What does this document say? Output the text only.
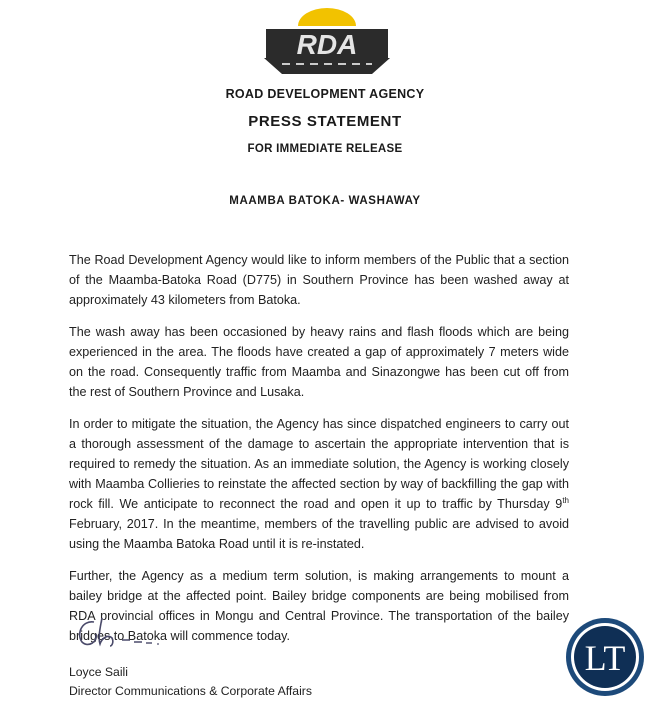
RDA
ROAD DEVELOPMENT AGENCY
PRESS STATEMENT
FOR IMMEDIATE RELEASE
MAAMBA BATOKA- WASHAWAY

The Road Development Agency would like to inform members of the Public that a section of the Maamba-Batoka Road (D775) in Southern Province has been washed away at approximately 43 kilometers from Batoka.

The wash away has been occasioned by heavy rains and flash floods which are being experienced in the area. The floods have created a gap of approximately 7 meters wide on the road. Consequently traffic from Maamba and Sinazongwe has been cut off from the rest of Southern Province and Lusaka.

In order to mitigate the situation, the Agency has since dispatched engineers to carry out a thorough assessment of the damage to ascertain the appropriate intervention that is required to remedy the situation. As an immediate solution, the Agency is working closely with Maamba Collieries to reinstate the affected section by way of backfilling the gap with rock fill. We anticipate to reconnect the road and open it up to traffic by Thursday 9th February, 2017. In the meantime, members of the travelling public are advised to avoid using the Maamba Batoka Road until it is re-instated.

Further, the Agency as a medium term solution, is making arrangements to mount a bailey bridge at the affected point. Bailey bridge components are being mobilised from RDA provincial offices in Mongu and Central Province. The transportation of the bailey bridges to Batoka will commence today.

Loyce Saili
Director Communications & Corporate Affairs
LT
